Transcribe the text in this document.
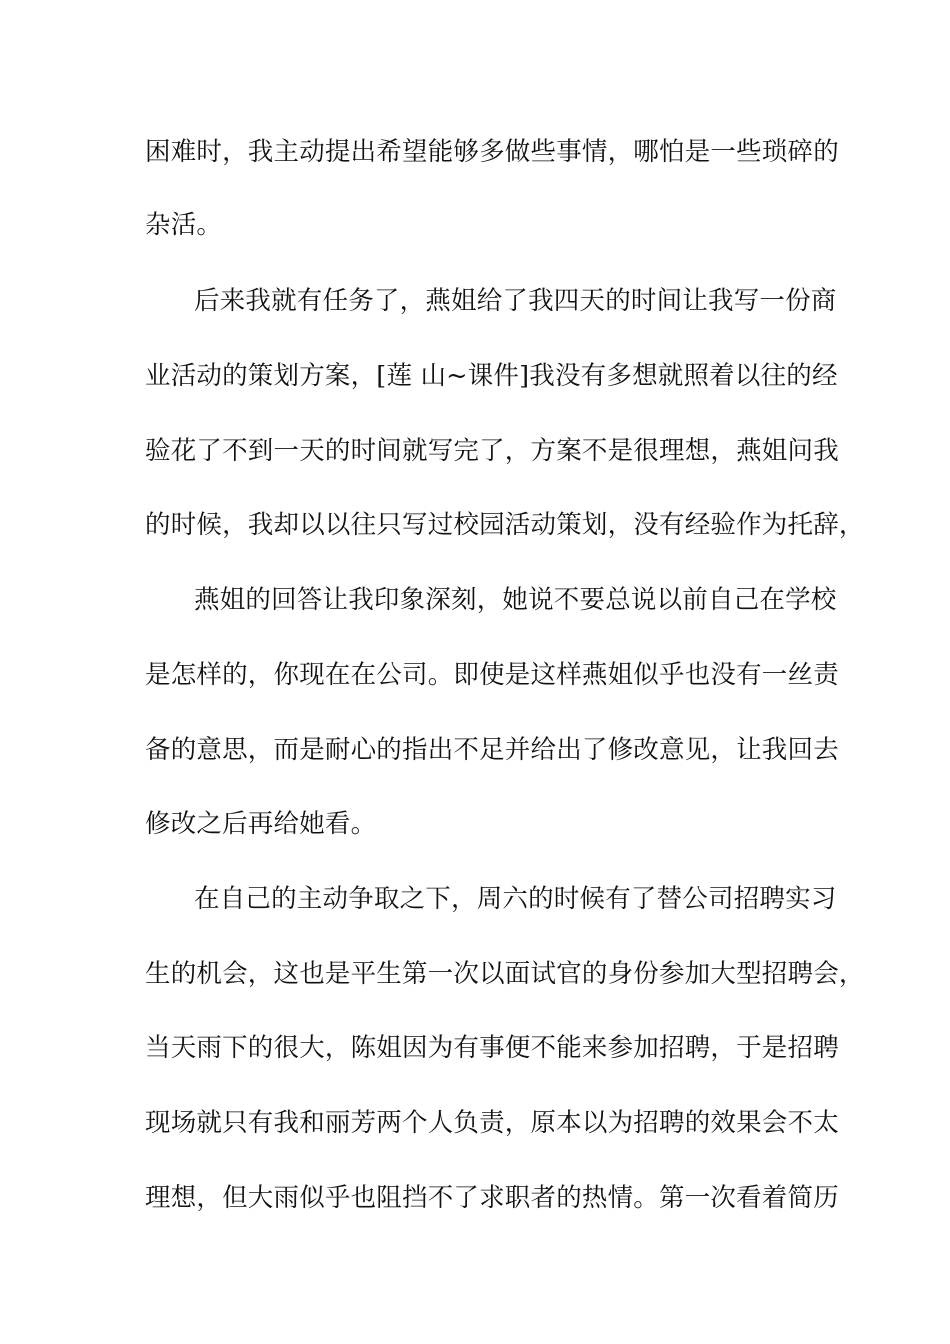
困难时，我主动提出希望能够多做些事情，哪怕是一些琐碎的
杂活。
后来我就有任务了，燕姐给了我四天的时间让我写一份商
业活动的策划方案，[莲 山~课件]我没有多想就照着以往的经
验花了不到一天的时间就写完了，方案不是很理想，燕姐问我
的时候，我却以以往只写过校园活动策划，没有经验作为托辞，
燕姐的回答让我印象深刻，她说不要总说以前自己在学校
是怎样的，你现在在公司。即使是这样燕姐似乎也没有一丝责
备的意思，而是耐心的指出不足并给出了修改意见，让我回去
修改之后再给她看。
在自己的主动争取之下，周六的时候有了替公司招聘实习
生的机会，这也是平生第一次以面试官的身份参加大型招聘会，
当天雨下的很大，陈姐因为有事便不能来参加招聘，于是招聘
现场就只有我和丽芳两个人负责，原本以为招聘的效果会不太
理想，但大雨似乎也阻挡不了求职者的热情。第一次看着简历
